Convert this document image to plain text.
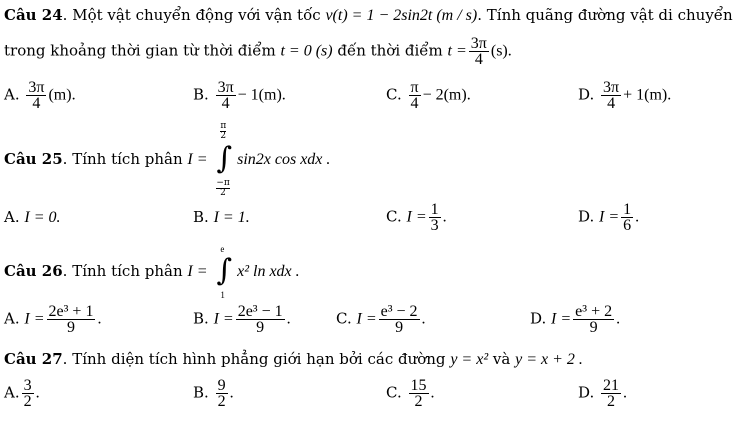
Câu 24. Một vật chuyển động với vận tốc v(t) = 1 − 2sin2t (m / s). Tính quãng đường vật di chuyển
trong khoảng thời gian từ thời điểm t = 0 (s) đến thời điểm $t = \frac{3\pi}{4} (s)$.
A. $\frac{3\pi}{4} (m)$.	B. $\frac{3\pi}{4} - 1(m)$.	C. $\frac{\pi}{4} - 2(m)$.	D. $\frac{3\pi}{4} + 1(m)$.
Câu 25. Tính tích phân I = ∫
$\frac{\pi}{2}$
$\frac{-\pi}{2}$
sin2x cos xdx .
A. I = 0.	B. I = 1.	C. $I = \frac{1}{3}$ .	D. $I = \frac{1}{6}$ .
Câu 26. Tính tích phân I = ∫
e
1
x² ln xdx .
A. $I = \frac{\text{2e³ + 1}}{9}$ .	B. $I = \frac{\text{2e³ − 1}}{9}$ .	C. $I = \frac{\text{e³ − 2}}{9}$ .	D. $I = \frac{\text{e³ + 2}}{9}$ .
Câu 27. Tính diện tích hình phẳng giới hạn bởi các đường y = x² và y = x + 2 .
A. $\frac{3}{2}$ .	B. $\frac{9}{2}$ .	C. $\frac{15}{2}$ .	D. $\frac{21}{2}$ .
